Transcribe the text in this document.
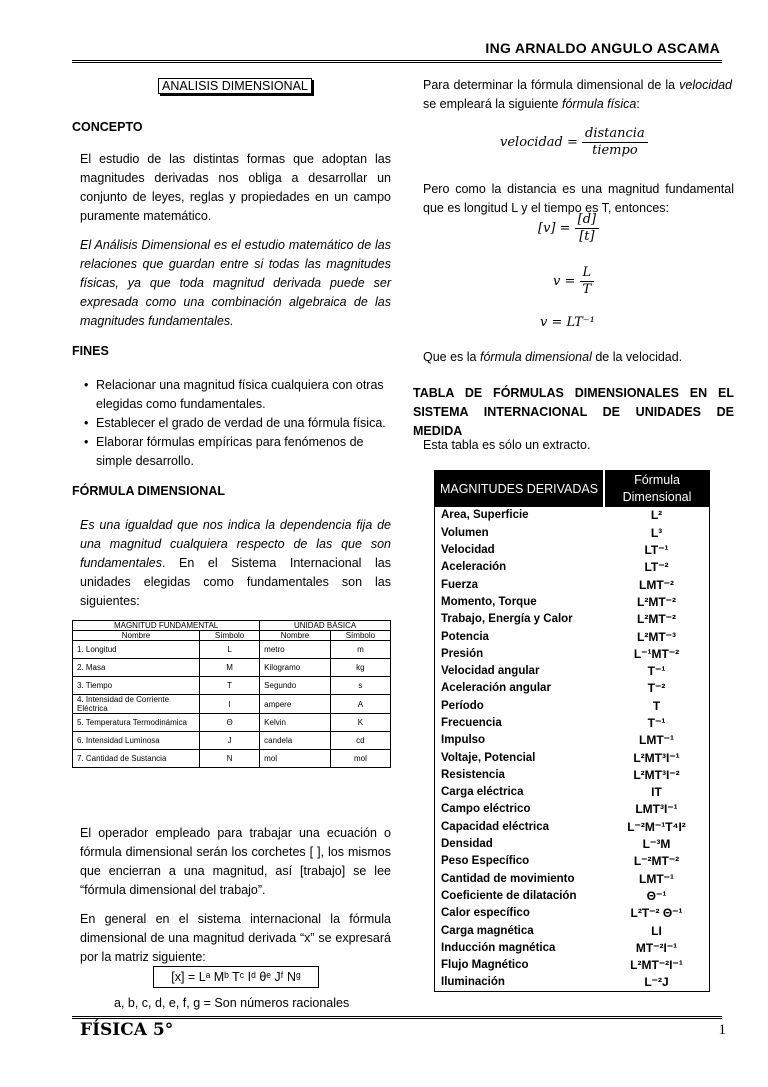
ING ARNALDO ANGULO ASCAMA
ANALISIS DIMENSIONAL
CONCEPTO
El estudio de las distintas formas que adoptan las magnitudes derivadas nos obliga a desarrollar un conjunto de leyes, reglas y propiedades en un campo puramente matemático.
El Análisis Dimensional es el estudio matemático de las relaciones que guardan entre si todas las magnitudes físicas, ya que toda magnitud derivada puede ser expresada como una combinación algebraica de las magnitudes fundamentales.
FINES
• Relacionar una magnitud física cualquiera con otras elegidas como fundamentales.
• Establecer el grado de verdad de una fórmula física.
• Elaborar fórmulas empíricas para fenómenos de simple desarrollo.
FÓRMULA DIMENSIONAL
Es una igualdad que nos indica la dependencia fija de una magnitud cualquiera respecto de las que son fundamentales. En el Sistema Internacional las unidades elegidas como fundamentales son las siguientes:
MAGNITUD FUNDAMENTAL		UNIDAD BÁSICA	
Nombre	Símbolo	Nombre	Símbolo
1. Longitud	L	metro	m
2. Masa	M	Kilogramo	kg
3. Tiempo	T	Segundo	s
4. Intensidad de Corriente Eléctrica	I	ampere	A
5. Temperatura Termodinámica	Θ	Kelvin	K
6. Intensidad Luminosa	J	candela	cd
7. Cantidad de Sustancia	N	mol	mol
El operador empleado para trabajar una ecuación o fórmula dimensional serán los corchetes [ ], los mismos que encierran a una magnitud, así [trabajo] se lee “fórmula dimensional del trabajo”.
En general en el sistema internacional la fórmula dimensional de una magnitud derivada “x” se expresará por la matriz siguiente:
[x] = Lᵃ Mᵇ Tᶜ Iᵈ θᵉ Jᶠ Nᵍ
a, b, c, d, e, f, g = Son números racionales
Para determinar la fórmula dimensional de la velocidad se empleará la siguiente fórmula física:
velocidad = $\frac{\text{distancia}}{\text{tiempo}}$
Pero como la distancia es una magnitud fundamental que es longitud L y el tiempo es T, entonces:
$[v] = \frac{[d]}{[t]}$
$v = \frac{L}{T}$
v = LT⁻¹
Que es la fórmula dimensional de la velocidad.
TABLA DE FÓRMULAS DIMENSIONALES EN EL SISTEMA INTERNACIONAL DE UNIDADES DE MEDIDA
Esta tabla es sólo un extracto.
MAGNITUDES DERIVADAS	Fórmula Dimensional
Area, Superficie	L²
Volumen	L³
Velocidad	LT⁻¹
Aceleración	LT⁻²
Fuerza	LMT⁻²
Momento, Torque	L²MT⁻²
Trabajo, Energía y Calor	L²MT⁻²
Potencia	L²MT⁻³
Presión	L⁻¹MT⁻²
Velocidad angular	T⁻¹
Aceleración angular	T⁻²
Período	T
Frecuencia	T⁻¹
Impulso	LMT⁻¹
Voltaje, Potencial	L²MT³I⁻¹
Resistencia	L²MT³I⁻²
Carga eléctrica	IT
Campo eléctrico	LMT³I⁻¹
Capacidad eléctrica	L⁻²M⁻¹T⁴I²
Densidad	L⁻³M
Peso Específico	L⁻²MT⁻²
Cantidad de movimiento	LMT⁻¹
Coeficiente de dilatación	Θ⁻¹
Calor específico	L²T⁻² Θ⁻¹
Carga magnética	LI
Inducción magnética	MT⁻²I⁻¹
Flujo Magnético	L²MT⁻²I⁻¹
Iluminación	L⁻²J
FÍSICA 5°	1
